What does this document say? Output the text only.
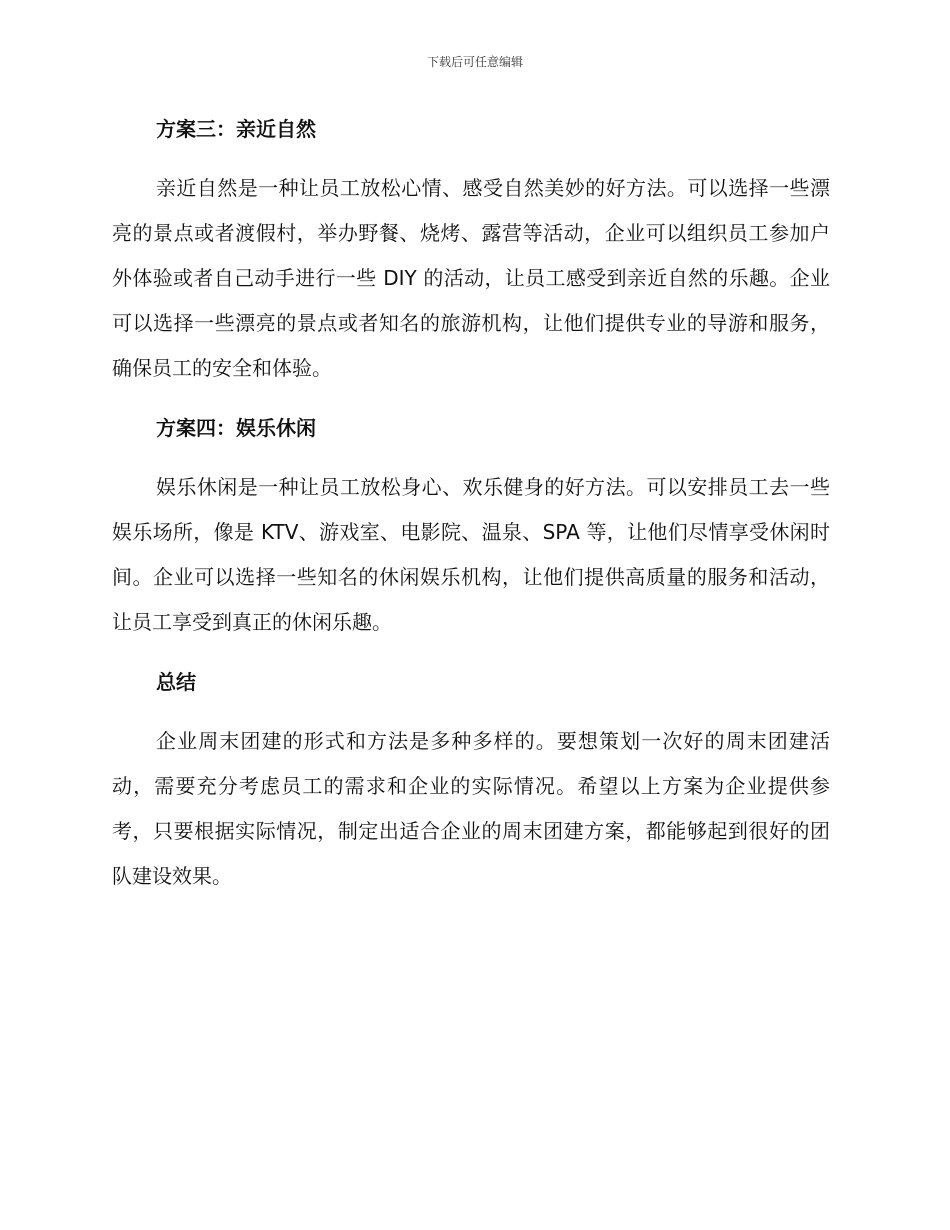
下载后可任意编辑
方案三：亲近自然

亲近自然是一种让员工放松心情、感受自然美妙的好方法。可以选择一些漂亮的景点或者渡假村，举办野餐、烧烤、露营等活动，企业可以组织员工参加户外体验或者自己动手进行一些 DIY 的活动，让员工感受到亲近自然的乐趣。企业可以选择一些漂亮的景点或者知名的旅游机构，让他们提供专业的导游和服务，确保员工的安全和体验。

方案四：娱乐休闲

娱乐休闲是一种让员工放松身心、欢乐健身的好方法。可以安排员工去一些娱乐场所，像是 KTV、游戏室、电影院、温泉、SPA 等，让他们尽情享受休闲时间。企业可以选择一些知名的休闲娱乐机构，让他们提供高质量的服务和活动，让员工享受到真正的休闲乐趣。

总结

企业周末团建的形式和方法是多种多样的。要想策划一次好的周末团建活动，需要充分考虑员工的需求和企业的实际情况。希望以上方案为企业提供参考，只要根据实际情况，制定出适合企业的周末团建方案，都能够起到很好的团队建设效果。
